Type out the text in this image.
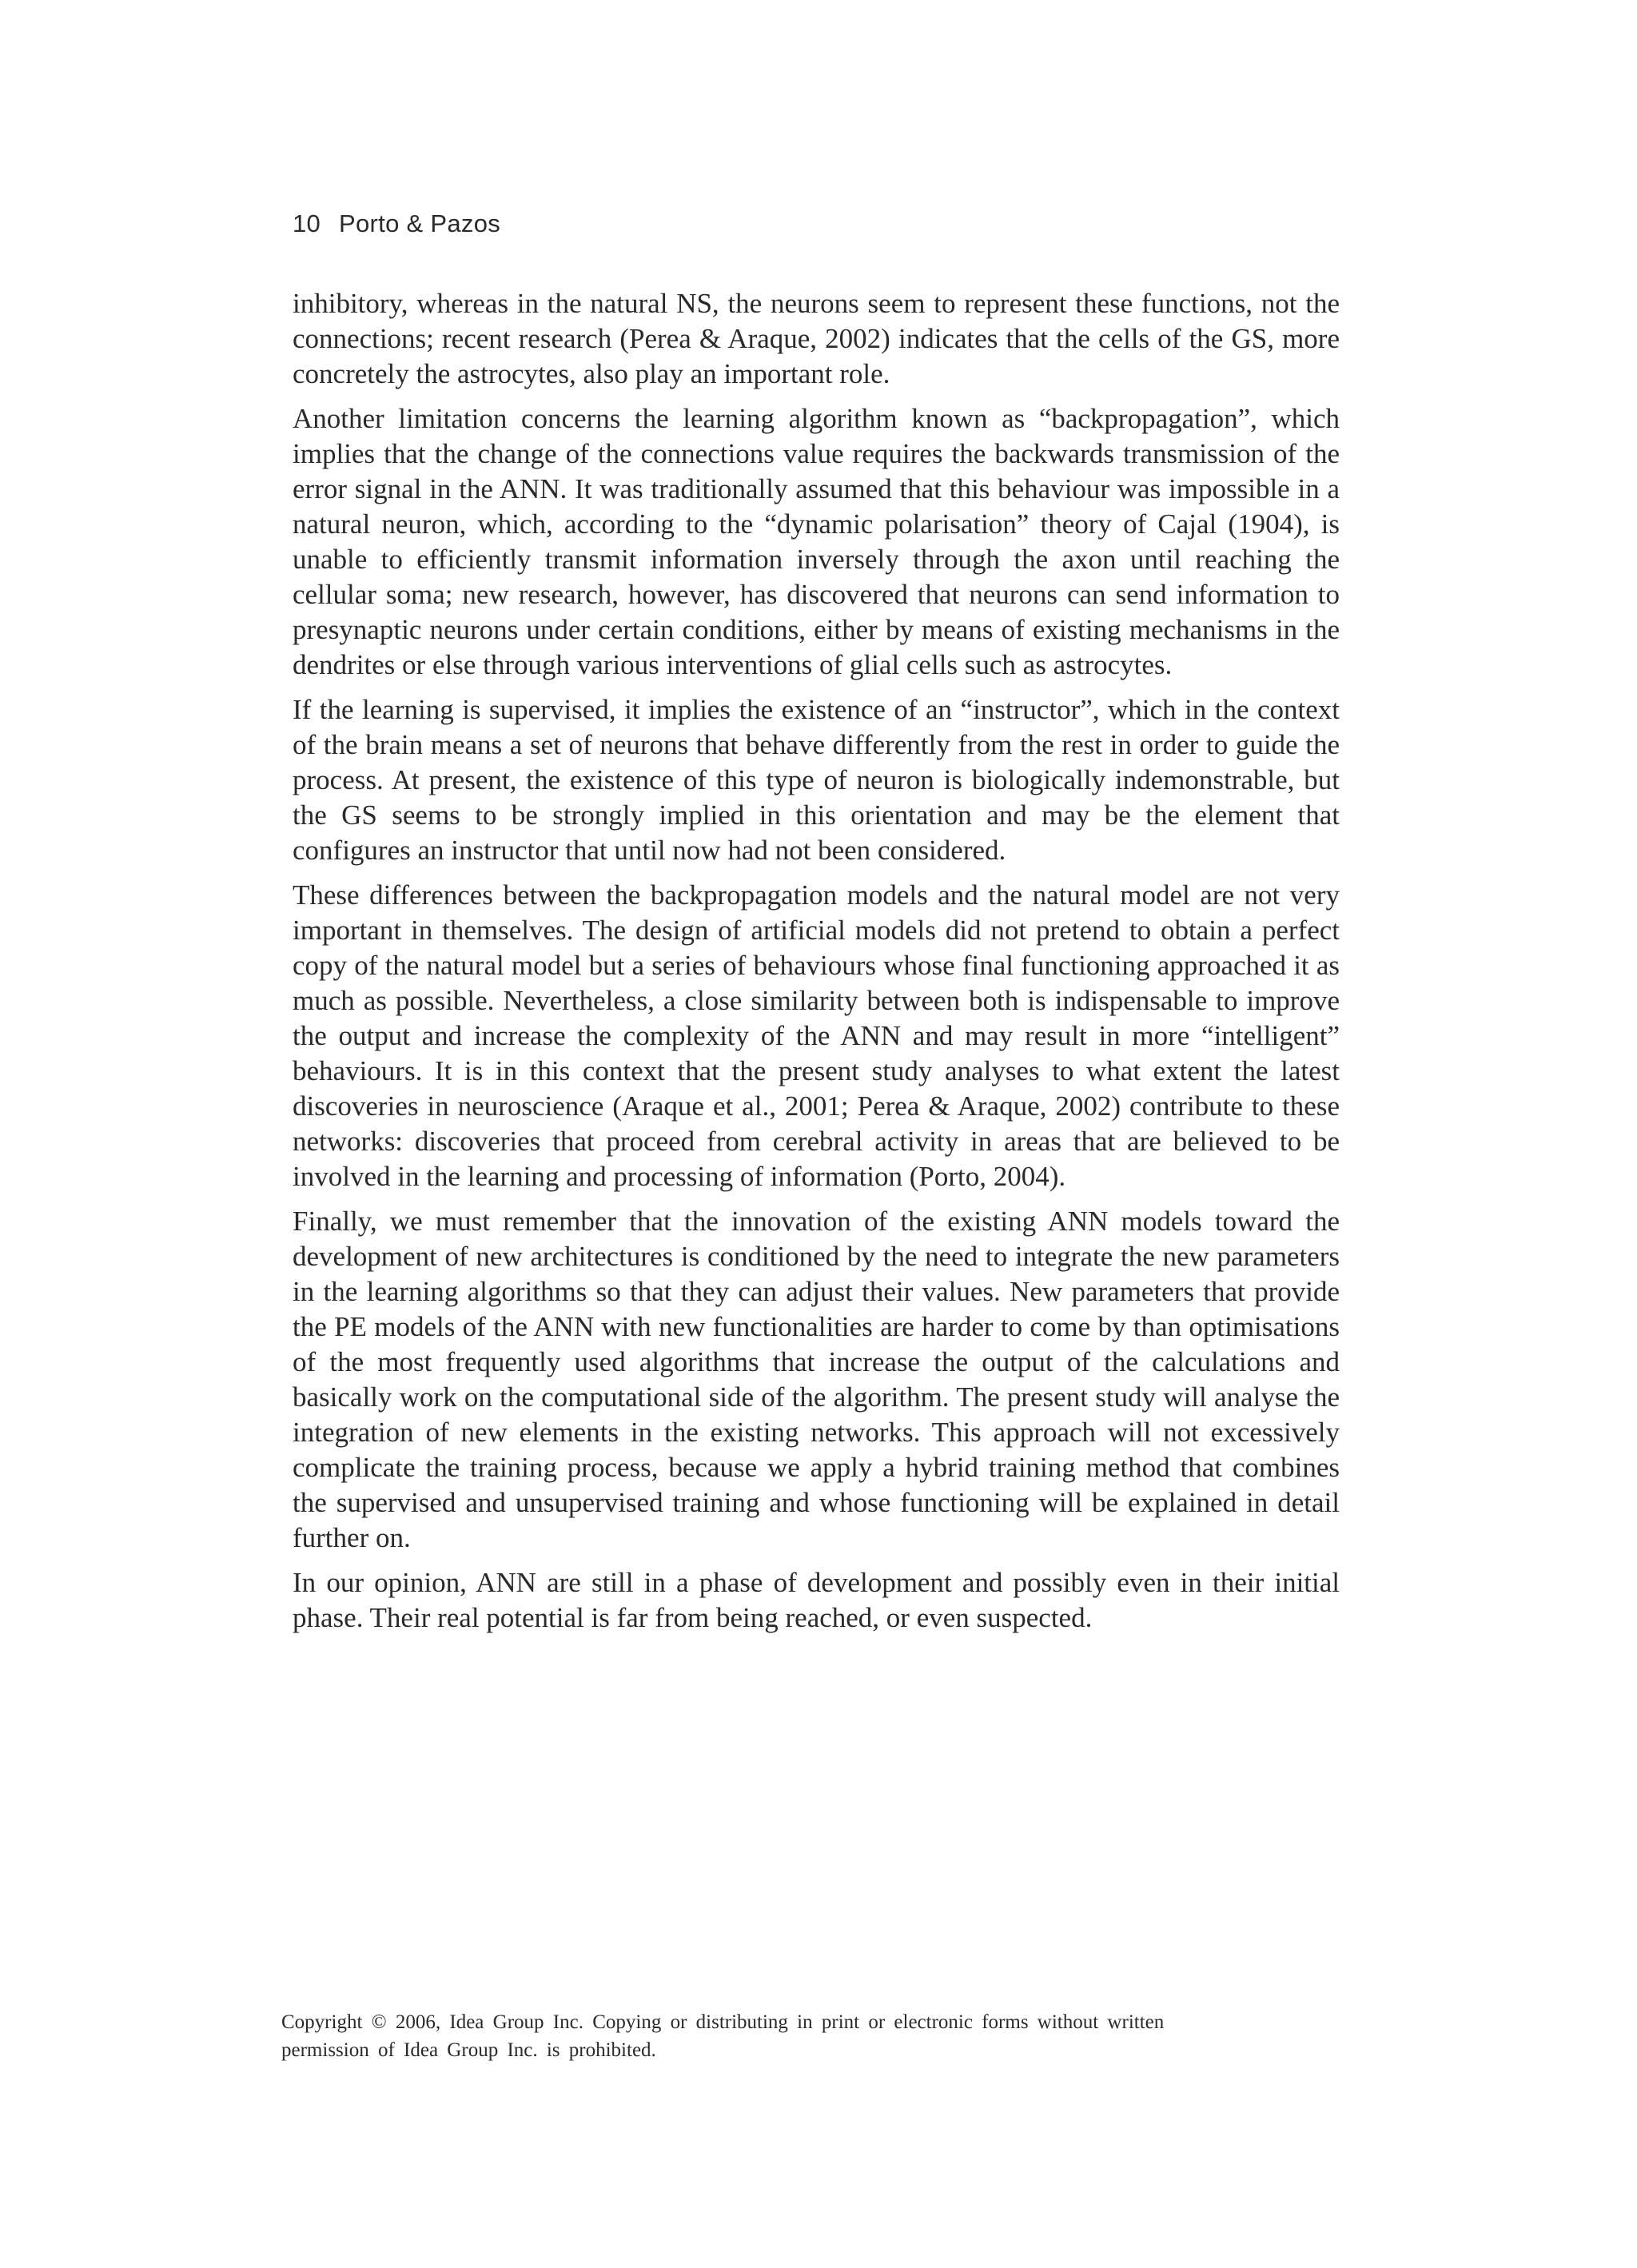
10 Porto & Pazos

inhibitory, whereas in the natural NS, the neurons seem to represent these functions, not the connections; recent research (Perea & Araque, 2002) indicates that the cells of the GS, more concretely the astrocytes, also play an important role.

Another limitation concerns the learning algorithm known as “backpropagation”, which implies that the change of the connections value requires the backwards transmission of the error signal in the ANN. It was traditionally assumed that this behaviour was impossible in a natural neuron, which, according to the “dynamic polarisation” theory of Cajal (1904), is unable to efficiently transmit information inversely through the axon until reaching the cellular soma; new research, however, has discovered that neurons can send information to presynaptic neurons under certain conditions, either by means of existing mechanisms in the dendrites or else through various interventions of glial cells such as astrocytes.

If the learning is supervised, it implies the existence of an “instructor”, which in the context of the brain means a set of neurons that behave differently from the rest in order to guide the process. At present, the existence of this type of neuron is biologically indemonstrable, but the GS seems to be strongly implied in this orientation and may be the element that configures an instructor that until now had not been considered.

These differences between the backpropagation models and the natural model are not very important in themselves. The design of artificial models did not pretend to obtain a perfect copy of the natural model but a series of behaviours whose final functioning approached it as much as possible. Nevertheless, a close similarity between both is indispensable to improve the output and increase the complexity of the ANN and may result in more “intelligent” behaviours. It is in this context that the present study analyses to what extent the latest discoveries in neuroscience (Araque et al., 2001; Perea & Araque, 2002) contribute to these networks: discoveries that proceed from cerebral activity in areas that are believed to be involved in the learning and processing of information (Porto, 2004).

Finally, we must remember that the innovation of the existing ANN models toward the development of new architectures is conditioned by the need to integrate the new parameters in the learning algorithms so that they can adjust their values. New parameters that provide the PE models of the ANN with new functionalities are harder to come by than optimisations of the most frequently used algorithms that increase the output of the calculations and basically work on the computational side of the algorithm. The present study will analyse the integration of new elements in the existing networks. This approach will not excessively complicate the training process, because we apply a hybrid training method that combines the supervised and unsupervised training and whose functioning will be explained in detail further on.

In our opinion, ANN are still in a phase of development and possibly even in their initial phase. Their real potential is far from being reached, or even suspected.

Copyright © 2006, Idea Group Inc. Copying or distributing in print or electronic forms without written
permission of Idea Group Inc. is prohibited.
